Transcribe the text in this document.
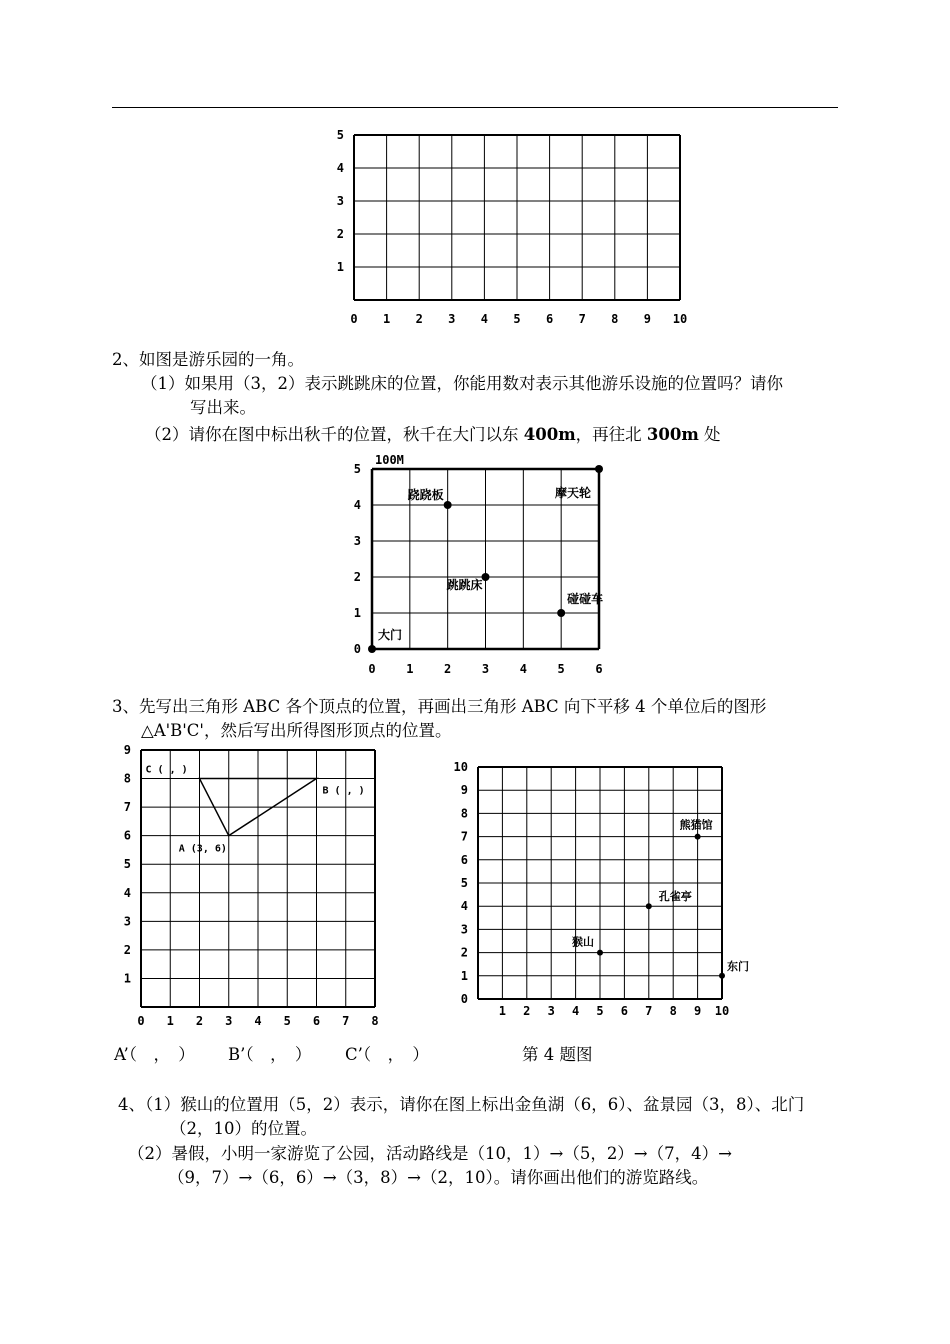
0 1 2 3 4 5 6 7 8 9 10
1
2
3
4
5
2、如图是游乐园的一角。
（1）如果用（3，2）表示跳跳床的位置，你能用数对表示其他游乐设施的位置吗？请你
写出来。
（2）请你在图中标出秋千的位置，秋千在大门以东 400m，再往北 300m 处
0	1	2	3	4	5	6
0
1
2
3
4
5
100M
大门
跳跳床
跷跷板
碰碰车
摩天轮
3、先写出三角形 ABC 各个顶点的位置，再画出三角形 ABC 向下平移 4 个单位后的图形
△A'B'C'，然后写出所得图形顶点的位置。
0 1 2 3 4 5 6 7 8
1
2
3
4
5
6
7
8
9
A (3, 6)
B ( , )
C ( , )
1 2 3 4 5 6 7 8 9 10
0
1
2
3
4
5
6
7
8
9
10
猴山
孔雀亭
熊猫馆
东门
A’（　，　） B’（　，　） C’（　，　）	第 4 题图
4、（1）猴山的位置用（5，2）表示，请你在图上标出金鱼湖（6，6）、盆景园（3，8）、北门
（2，10）的位置。
（2）暑假，小明一家游览了公园，活动路线是（10，1）→（5，2）→（7，4）→
（9，7）→（6，6）→（3，8）→（2，10）。请你画出他们的游览路线。
